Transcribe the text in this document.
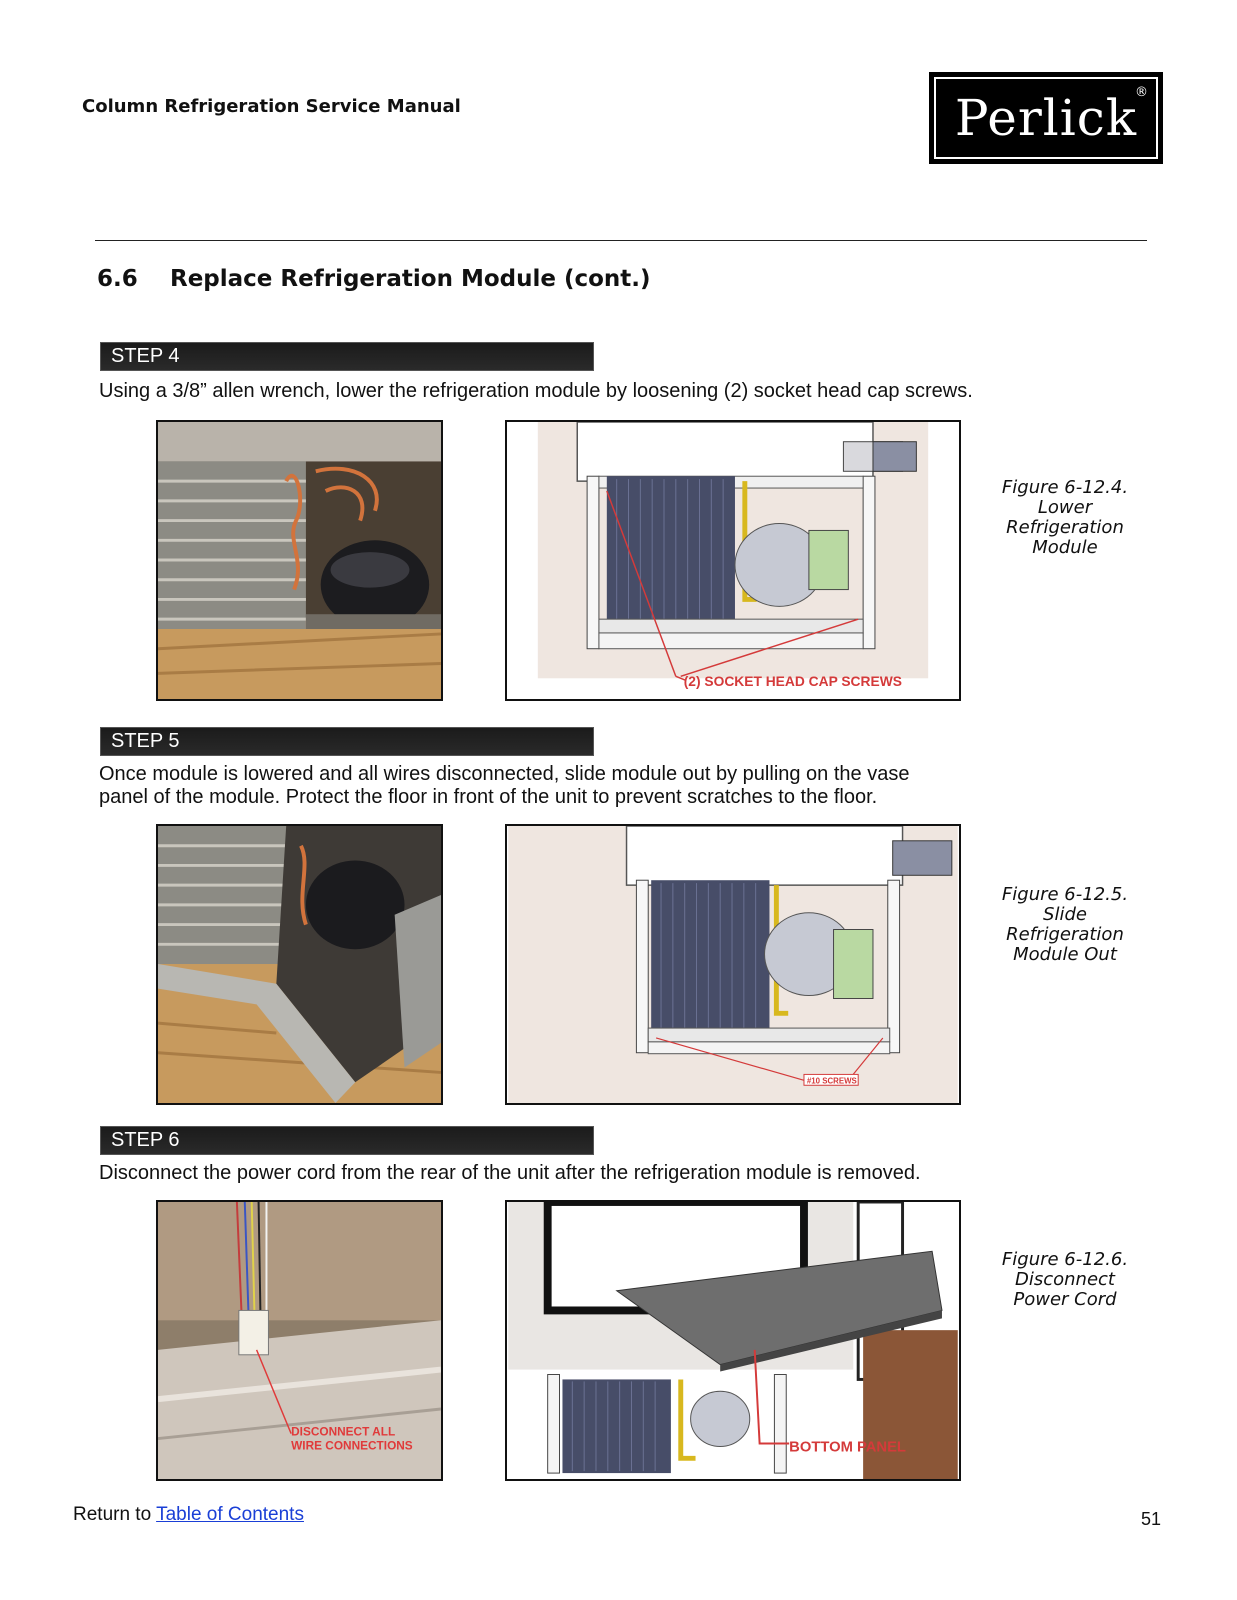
Column Refrigeration Service Manual	Perlick
®
6.6 Replace Refrigeration Module (cont.)
STEP 4
Using a 3/8” allen wrench, lower the refrigeration module by loosening (2) socket head cap screws.
(2) SOCKET HEAD CAP SCREWS
Figure 6-12.4.
Lower
Refrigeration
Module
STEP 5
Once module is lowered and all wires disconnected, slide module out by pulling on the vase
panel of the module. Protect the floor in front of the unit to prevent scratches to the floor.
#10 SCREWS
Figure 6-12.5.
Slide
Refrigeration
Module Out
STEP 6
Disconnect the power cord from the rear of the unit after the refrigeration module is removed.
DISCONNECT ALL
WIRE CONNECTIONS	BOTTOM PANEL
Figure 6-12.6.
Disconnect
Power Cord
Return to Table of Contents	51
